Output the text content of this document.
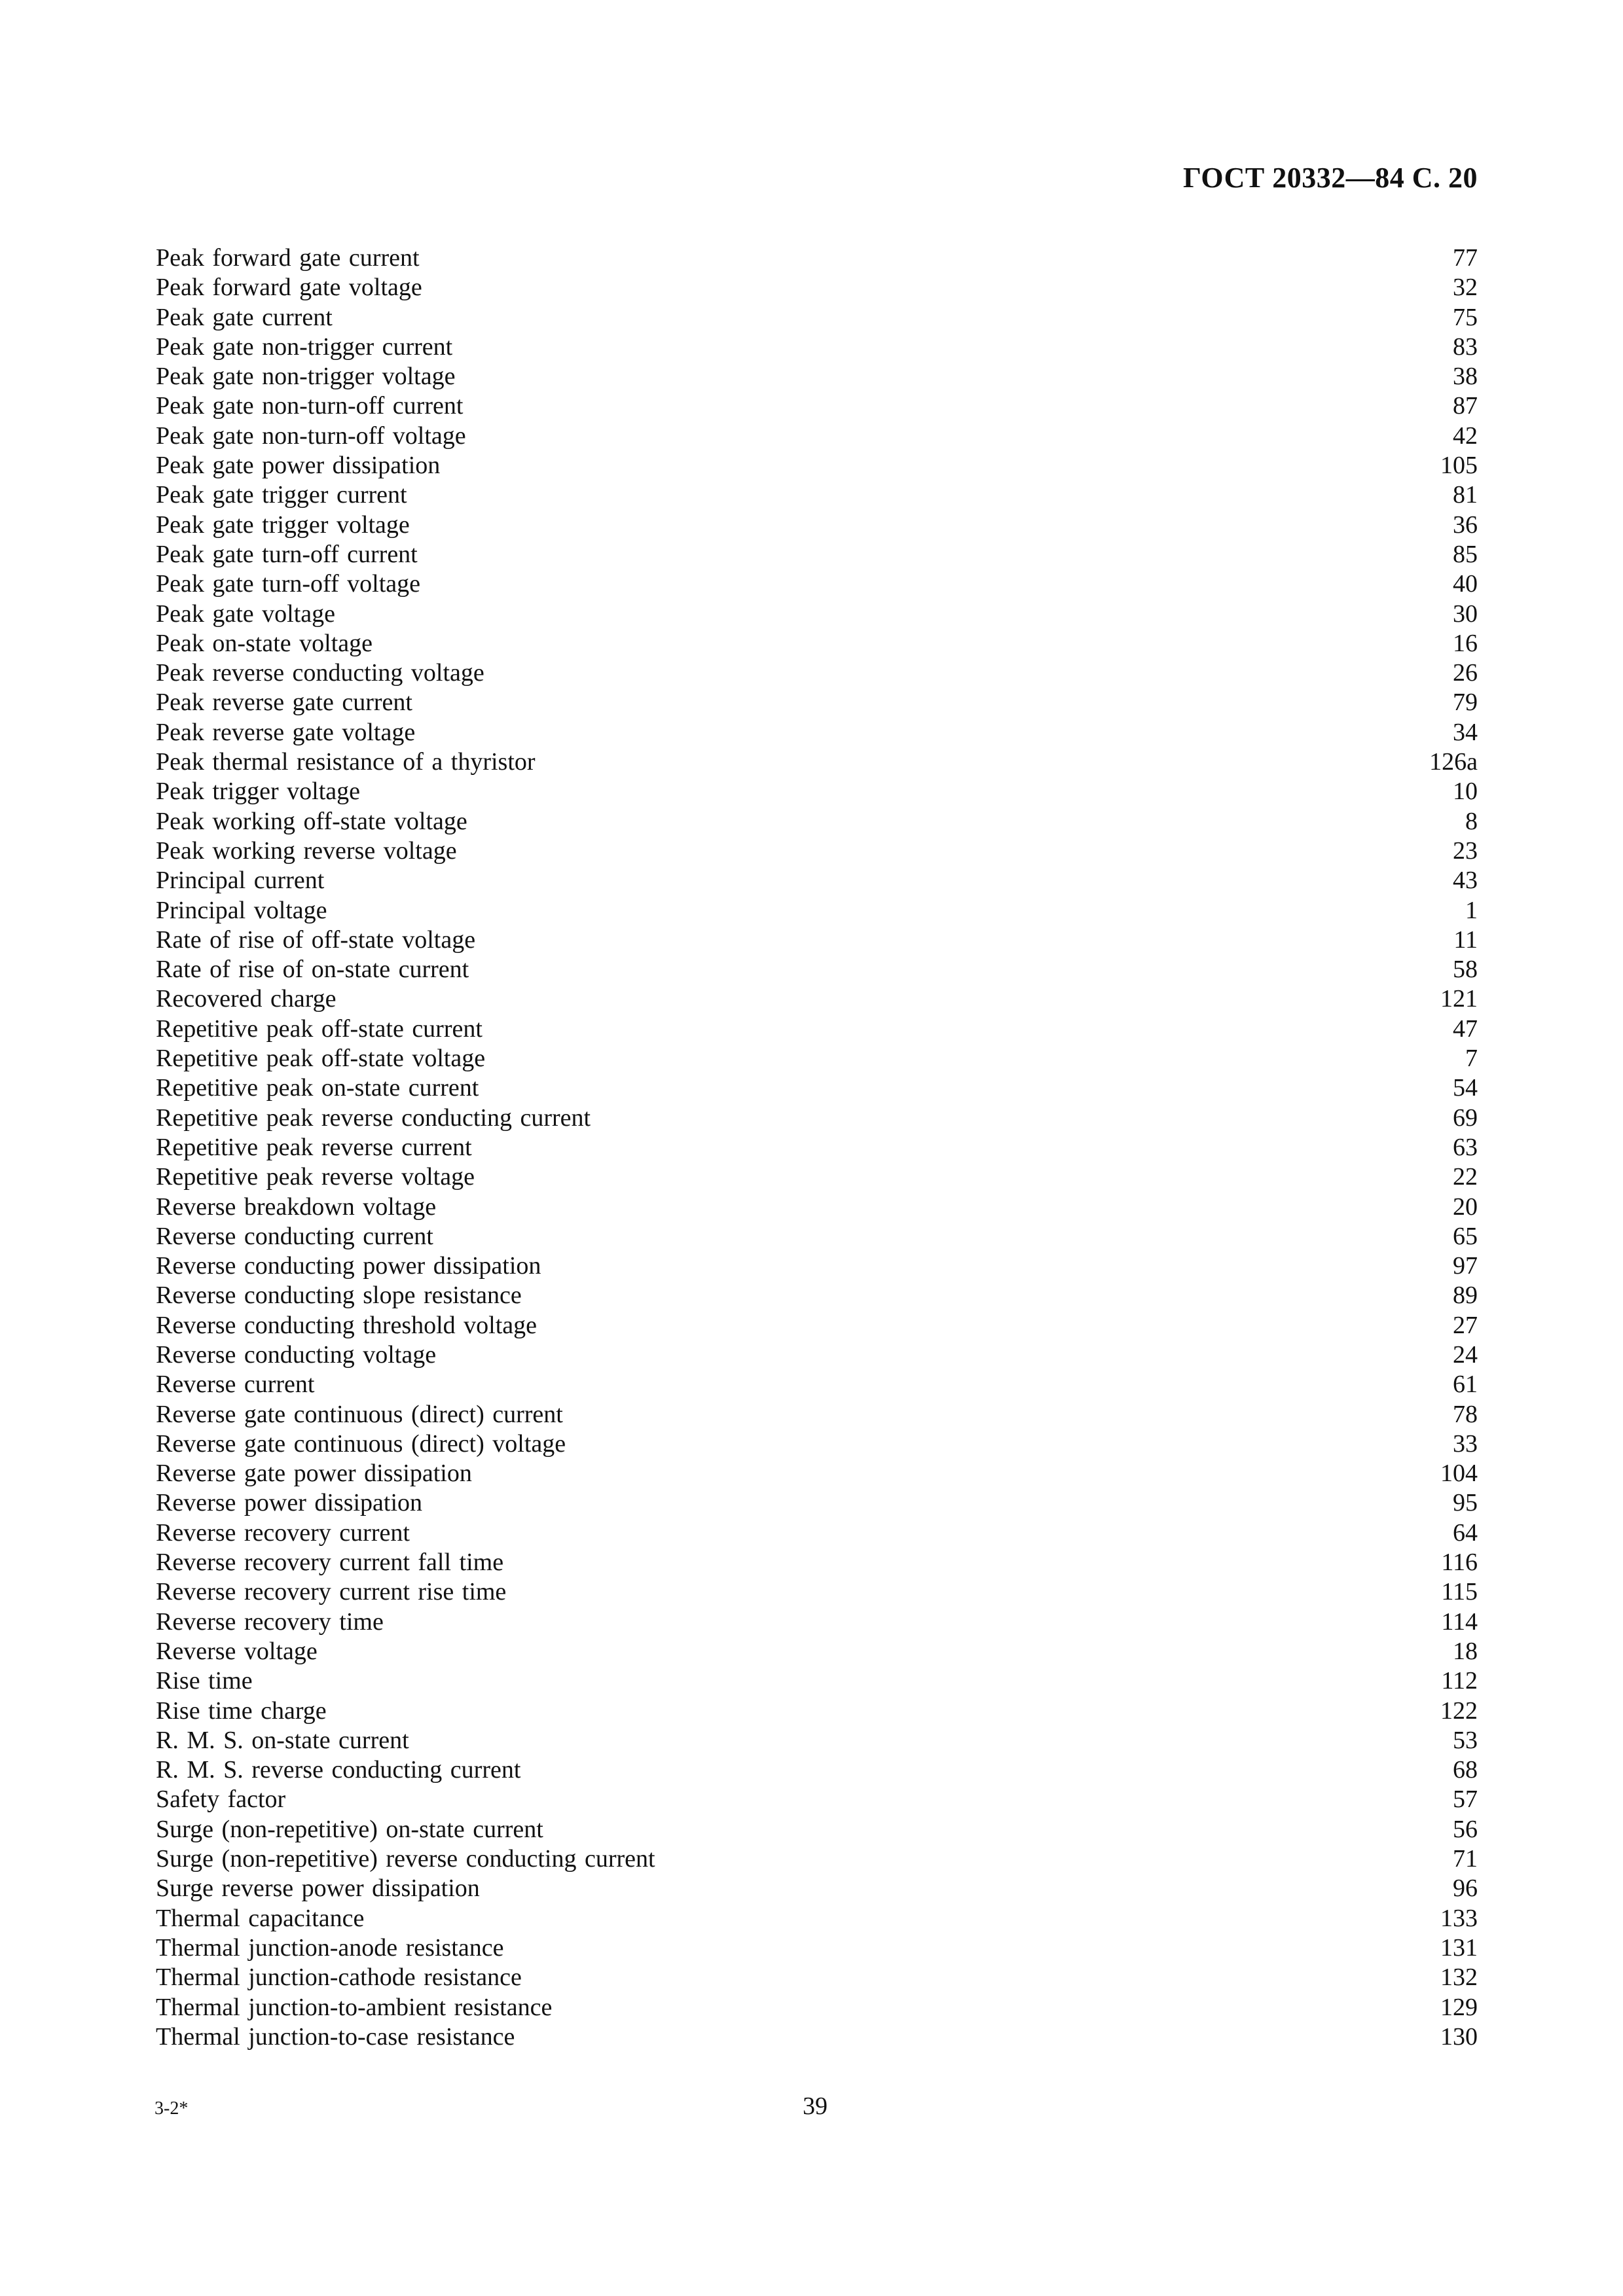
ГОСТ 20332—84 С. 20
Peak forward gate current	77
Peak forward gate voltage	32
Peak gate current	75
Peak gate non-trigger current	83
Peak gate non-trigger voltage	38
Peak gate non-turn-off current	87
Peak gate non-turn-off voltage	42
Peak gate power dissipation	105
Peak gate trigger current	81
Peak gate trigger voltage	36
Peak gate turn-off current	85
Peak gate turn-off voltage	40
Peak gate voltage	30
Peak on-state voltage	16
Peak reverse conducting voltage	26
Peak reverse gate current	79
Peak reverse gate voltage	34
Peak thermal resistance of a thyristor	126a
Peak trigger voltage	10
Peak working off-state voltage	8
Peak working reverse voltage	23
Principal current	43
Principal voltage	1
Rate of rise of off-state voltage	11
Rate of rise of on-state current	58
Recovered charge	121
Repetitive peak off-state current	47
Repetitive peak off-state voltage	7
Repetitive peak on-state current	54
Repetitive peak reverse conducting current	69
Repetitive peak reverse current	63
Repetitive peak reverse voltage	22
Reverse breakdown voltage	20
Reverse conducting current	65
Reverse conducting power dissipation	97
Reverse conducting slope resistance	89
Reverse conducting threshold voltage	27
Reverse conducting voltage	24
Reverse current	61
Reverse gate continuous (direct) current	78
Reverse gate continuous (direct) voltage	33
Reverse gate power dissipation	104
Reverse power dissipation	95
Reverse recovery current	64
Reverse recovery current fall time	116
Reverse recovery current rise time	115
Reverse recovery time	114
Reverse voltage	18
Rise time	112
Rise time charge	122
R. M. S. on-state current	53
R. M. S. reverse conducting current	68
Safety factor	57
Surge (non-repetitive) on-state current	56
Surge (non-repetitive) reverse conducting current	71
Surge reverse power dissipation	96
Thermal capacitance	133
Thermal junction-anode resistance	131
Thermal junction-cathode resistance	132
Thermal junction-to-ambient resistance	129
Thermal junction-to-case resistance	130
3-2*	39
